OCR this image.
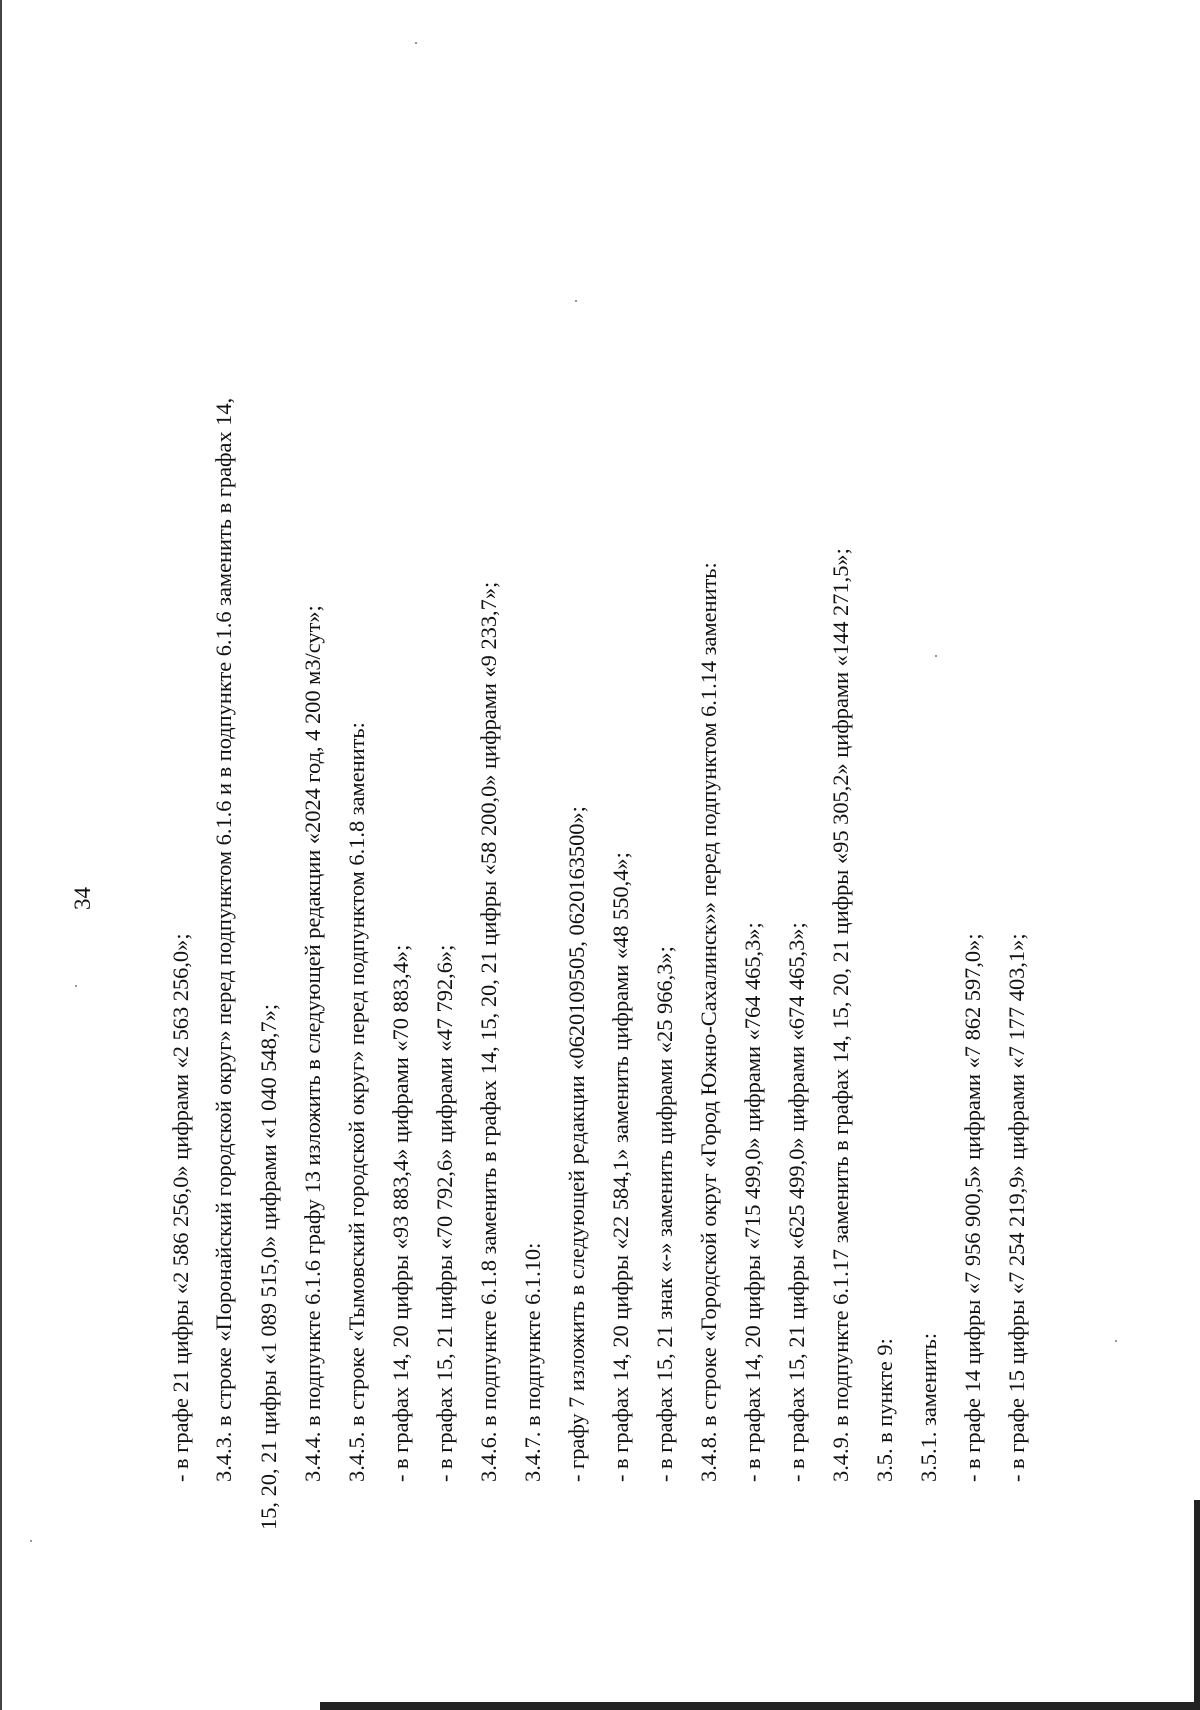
34
- в графе 21 цифры «2 586 256,0» цифрами «2 563 256,0»; 3.4.3. в строке «Поронайский городской округ» перед подпунктом 6.1.6 и в подпункте 6.1.6 заменить в графах 14, 15, 20, 21 цифры «1 089 515,0» цифрами «1 040 548,7»; 3.4.4. в подпункте 6.1.6 графу 13 изложить в следующей редакции «2024 год, 4 200 м3/сут»; 3.4.5. в строке «Тымовский городской округ» перед подпунктом 6.1.8 заменить: - в графах 14, 20 цифры «93 883,4» цифрами «70 883,4»; - в графах 15, 21 цифры «70 792,6» цифрами «47 792,6»; 3.4.6. в подпункте 6.1.8 заменить в графах 14, 15, 20, 21 цифры «58 200,0» цифрами «9 233,7»; 3.4.7. в подпункте 6.1.10: - графу 7 изложить в следующей редакции «0620109505, 0620163500»; - в графах 14, 20 цифры «22 584,1» заменить цифрами «48 550,4»; - в графах 15, 21 знак «-» заменить цифрами «25 966,3»; 3.4.8. в строке «Городской округ «Город Южно-Сахалинск»» перед подпунктом 6.1.14 заменить: - в графах 14, 20 цифры «715 499,0» цифрами «764 465,3»; - в графах 15, 21 цифры «625 499,0» цифрами «674 465,3»; 3.4.9. в подпункте 6.1.17 заменить в графах 14, 15, 20, 21 цифры «95 305,2» цифрами «144 271,5»; 3.5. в пункте 9: 3.5.1. заменить: - в графе 14 цифры «7 956 900,5» цифрами «7 862 597,0»; - в графе 15 цифры «7 254 219,9» цифрами «7 177 403,1»;
